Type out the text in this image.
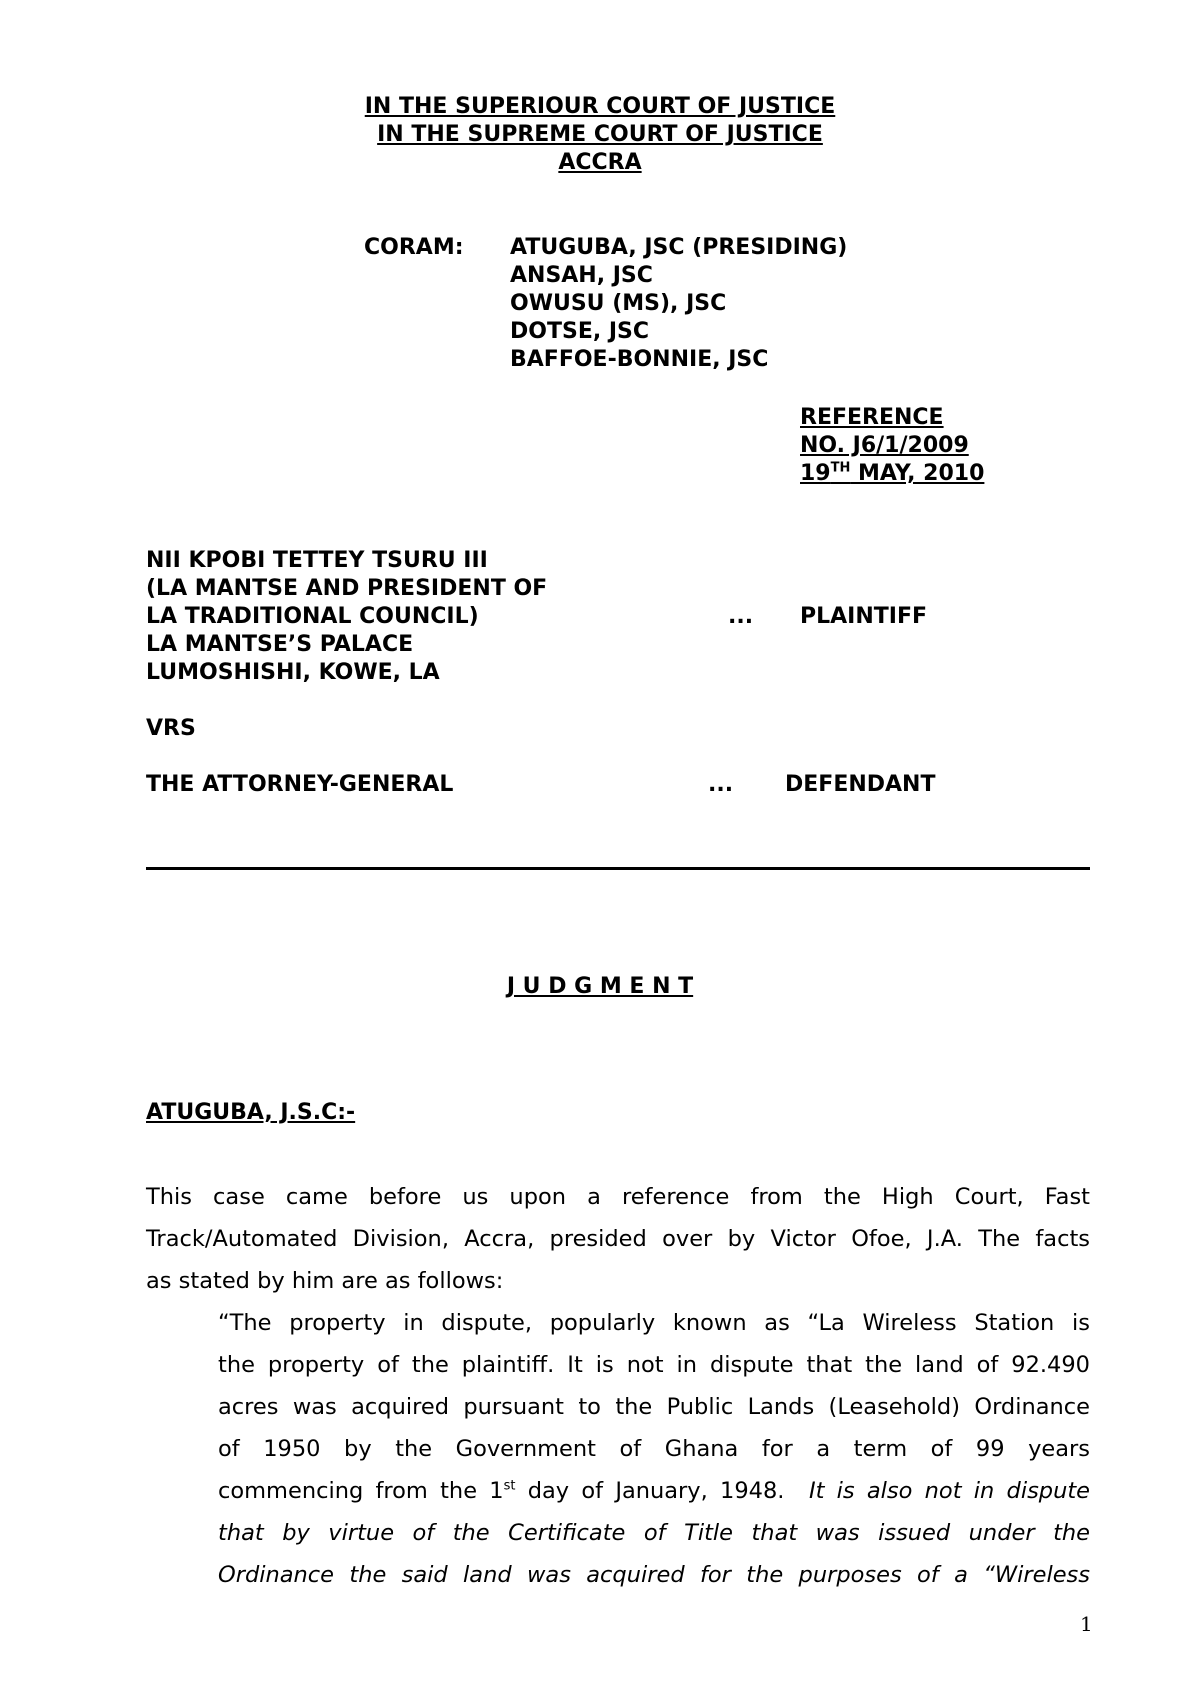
IN THE SUPERIOUR COURT OF JUSTICE
IN THE SUPREME COURT OF JUSTICE
ACCRA
CORAM: ATUGUBA, JSC (PRESIDING)
ANSAH, JSC
OWUSU (MS), JSC
DOTSE, JSC
BAFFOE-BONNIE, JSC
REFERENCE
NO. J6/1/2009
19TH MAY, 2010
NII KPOBI TETTEY TSURU III
(LA MANTSE AND PRESIDENT OF
LA TRADITIONAL COUNCIL)
LA MANTSE’S PALACE
LUMOSHISHI, KOWE, LA
... PLAINTIFF
VRS
THE ATTORNEY-GENERAL	... DEFENDANT
J U D G M E N T
ATUGUBA, J.S.C:-
This case came before us upon a reference from the High Court, Fast
Track/Automated Division, Accra, presided over by Victor Ofoe, J.A. The facts
as stated by him are as follows:
“The property in dispute, popularly known as “La Wireless Station is
the property of the plaintiff. It is not in dispute that the land of 92.490
acres was acquired pursuant to the Public Lands (Leasehold) Ordinance
of 1950 by the Government of Ghana for a term of 99 years
commencing from the 1st day of January, 1948.  It is also not in dispute
that by virtue of the Certificate of Title that was issued under the
Ordinance the said land was acquired for the purposes of a “Wireless
1
